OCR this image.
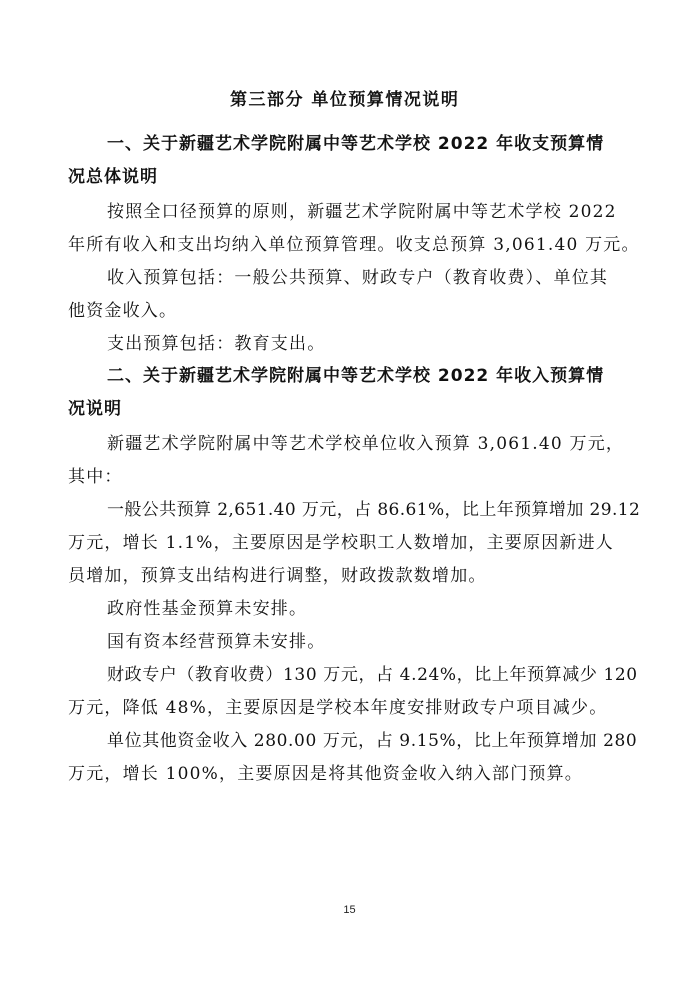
第三部分 单位预算情况说明
一、关于新疆艺术学院附属中等艺术学校 2022 年收支预算情
况总体说明
按照全口径预算的原则，新疆艺术学院附属中等艺术学校 2022
年所有收入和支出均纳入单位预算管理。收支总预算 3,061.40 万元。
收入预算包括：一般公共预算、财政专户（教育收费）、单位其
他资金收入。
支出预算包括：教育支出。
二、关于新疆艺术学院附属中等艺术学校 2022 年收入预算情
况说明
新疆艺术学院附属中等艺术学校单位收入预算 3,061.40 万元，
其中：
一般公共预算 2,651.40 万元，占 86.61%，比上年预算增加 29.12
万元，增长 1.1%，主要原因是学校职工人数增加，主要原因新进人
员增加，预算支出结构进行调整，财政拨款数增加。
政府性基金预算未安排。
国有资本经营预算未安排。
财政专户（教育收费）130 万元，占 4.24%，比上年预算减少 120
万元，降低 48%，主要原因是学校本年度安排财政专户项目减少。
单位其他资金收入 280.00 万元，占 9.15%，比上年预算增加 280
万元，增长 100%，主要原因是将其他资金收入纳入部门预算。
15
